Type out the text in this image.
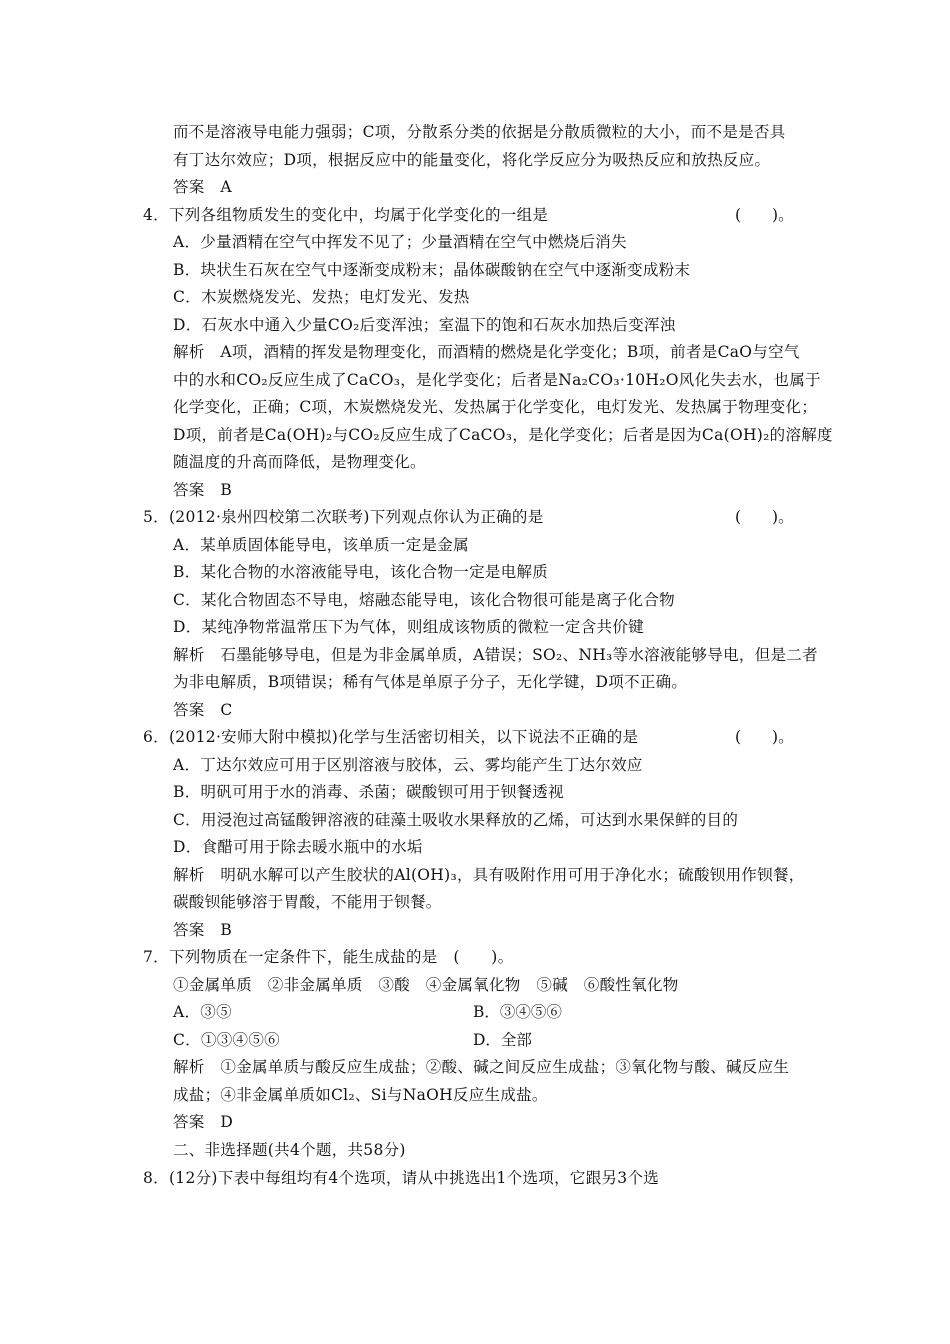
而不是溶液导电能力强弱；C项，分散系分类的依据是分散质微粒的大小，而不是是否具
有丁达尔效应；D项，根据反应中的能量变化，将化学反应分为吸热反应和放热反应。
答案　A
4．下列各组物质发生的变化中，均属于化学变化的一组是	(　　)。
A．少量酒精在空气中挥发不见了；少量酒精在空气中燃烧后消失
B．块状生石灰在空气中逐渐变成粉末；晶体碳酸钠在空气中逐渐变成粉末
C．木炭燃烧发光、发热；电灯发光、发热
D．石灰水中通入少量CO₂后变浑浊；室温下的饱和石灰水加热后变浑浊
解析　A项，酒精的挥发是物理变化，而酒精的燃烧是化学变化；B项，前者是CaO与空气
中的水和CO₂反应生成了CaCO₃，是化学变化；后者是Na₂CO₃·10H₂O风化失去水，也属于
化学变化，正确；C项，木炭燃烧发光、发热属于化学变化，电灯发光、发热属于物理变化；
D项，前者是Ca(OH)₂与CO₂反应生成了CaCO₃，是化学变化；后者是因为Ca(OH)₂的溶解度
随温度的升高而降低，是物理变化。
答案　B
5．(2012·泉州四校第二次联考)下列观点你认为正确的是	(　　)。
A．某单质固体能导电，该单质一定是金属
B．某化合物的水溶液能导电，该化合物一定是电解质
C．某化合物固态不导电，熔融态能导电，该化合物很可能是离子化合物
D．某纯净物常温常压下为气体，则组成该物质的微粒一定含共价键
解析　石墨能够导电，但是为非金属单质，A错误；SO₂、NH₃等水溶液能够导电，但是二者
为非电解质，B项错误；稀有气体是单原子分子，无化学键，D项不正确。
答案　C
6．(2012·安师大附中模拟)化学与生活密切相关，以下说法不正确的是	(　　)。
A．丁达尔效应可用于区别溶液与胶体，云、雾均能产生丁达尔效应
B．明矾可用于水的消毒、杀菌；碳酸钡可用于钡餐透视
C．用浸泡过高锰酸钾溶液的硅藻土吸收水果释放的乙烯，可达到水果保鲜的目的
D．食醋可用于除去暖水瓶中的水垢
解析　明矾水解可以产生胶状的Al(OH)₃，具有吸附作用可用于净化水；硫酸钡用作钡餐，
碳酸钡能够溶于胃酸，不能用于钡餐。
答案　B
7．下列物质在一定条件下，能生成盐的是　(　　)。
①金属单质　②非金属单质　③酸　④金属氧化物　⑤碱　⑥酸性氧化物
A．③⑤	B．③④⑤⑥
C．①③④⑤⑥	D．全部
解析　①金属单质与酸反应生成盐；②酸、碱之间反应生成盐；③氧化物与酸、碱反应生
成盐；④非金属单质如Cl₂、Si与NaOH反应生成盐。
答案　D
二、非选择题(共4个题，共58分)
8．(12分)下表中每组均有4个选项，请从中挑选出1个选项，它跟另3个选
